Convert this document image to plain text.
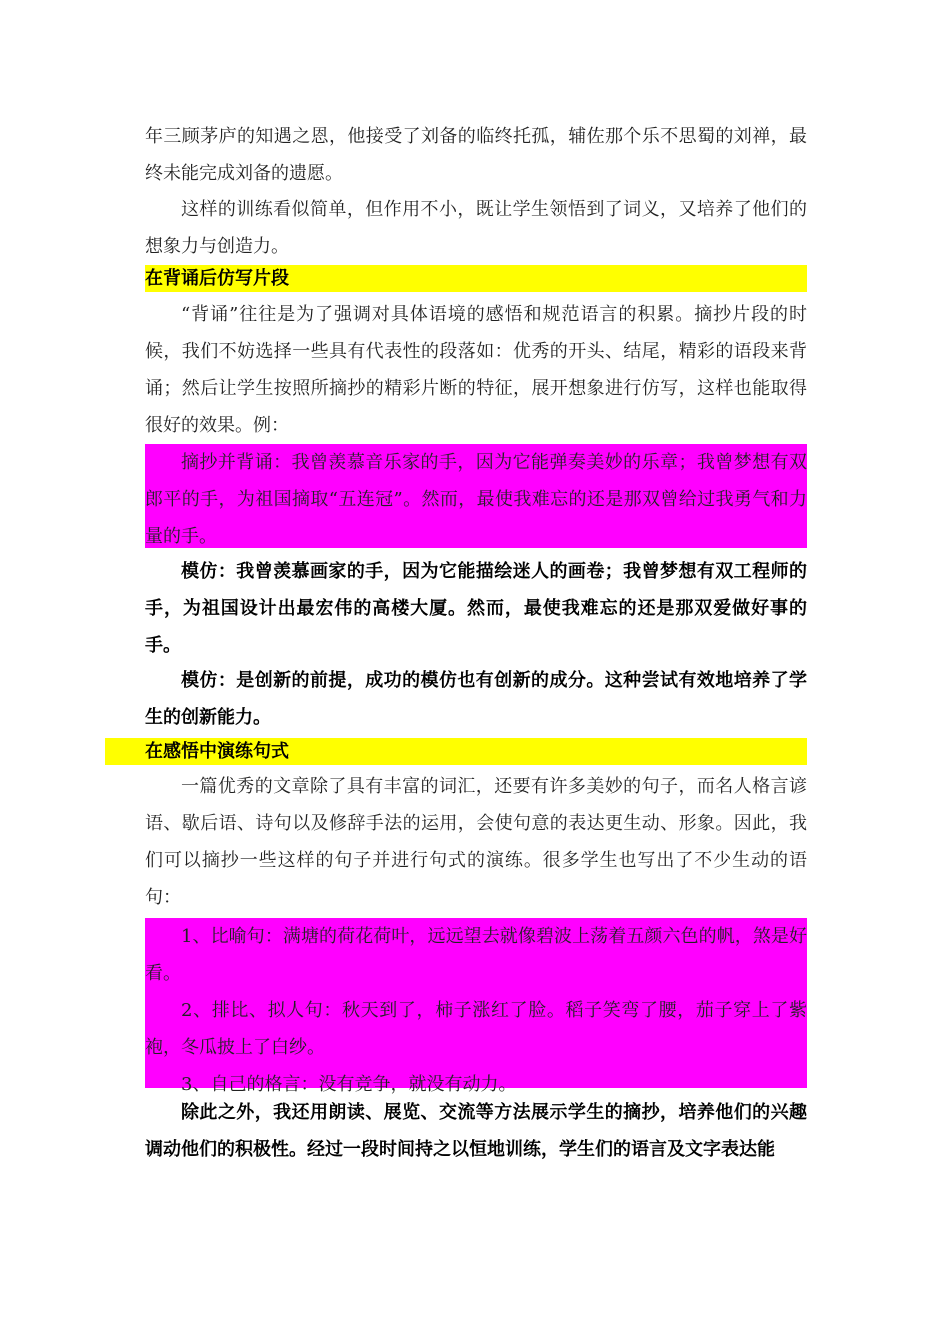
年三顾茅庐的知遇之恩，他接受了刘备的临终托孤，辅佐那个乐不思蜀的刘禅，最终未能完成刘备的遗愿。

这样的训练看似简单，但作用不小，既让学生领悟到了词义，又培养了他们的想象力与创造力。

在背诵后仿写片段

“背诵”往往是为了强调对具体语境的感悟和规范语言的积累。摘抄片段的时候，我们不妨选择一些具有代表性的段落如：优秀的开头、结尾，精彩的语段来背诵；然后让学生按照所摘抄的精彩片断的特征，展开想象进行仿写，这样也能取得很好的效果。例：

摘抄并背诵：我曾羡慕音乐家的手，因为它能弹奏美妙的乐章；我曾梦想有双郎平的手，为祖国摘取“五连冠”。然而，最使我难忘的还是那双曾给过我勇气和力量的手。

模仿：我曾羡慕画家的手，因为它能描绘迷人的画卷；我曾梦想有双工程师的手，为祖国设计出最宏伟的高楼大厦。然而，最使我难忘的还是那双爱做好事的手。

模仿：是创新的前提，成功的模仿也有创新的成分。这种尝试有效地培养了学生的创新能力。

在感悟中演练句式

一篇优秀的文章除了具有丰富的词汇，还要有许多美妙的句子，而名人格言谚语、歇后语、诗句以及修辞手法的运用，会使句意的表达更生动、形象。因此，我们可以摘抄一些这样的句子并进行句式的演练。很多学生也写出了不少生动的语句：

1、比喻句：满塘的荷花荷叶，远远望去就像碧波上荡着五颜六色的帆，煞是好看。

2、排比、拟人句：秋天到了，柿子涨红了脸。稻子笑弯了腰，茄子穿上了紫袍，冬瓜披上了白纱。

3、自己的格言：没有竞争，就没有动力。

除此之外，我还用朗读、展览、交流等方法展示学生的摘抄，培养他们的兴趣调动他们的积极性。经过一段时间持之以恒地训练，学生们的语言及文字表达能
